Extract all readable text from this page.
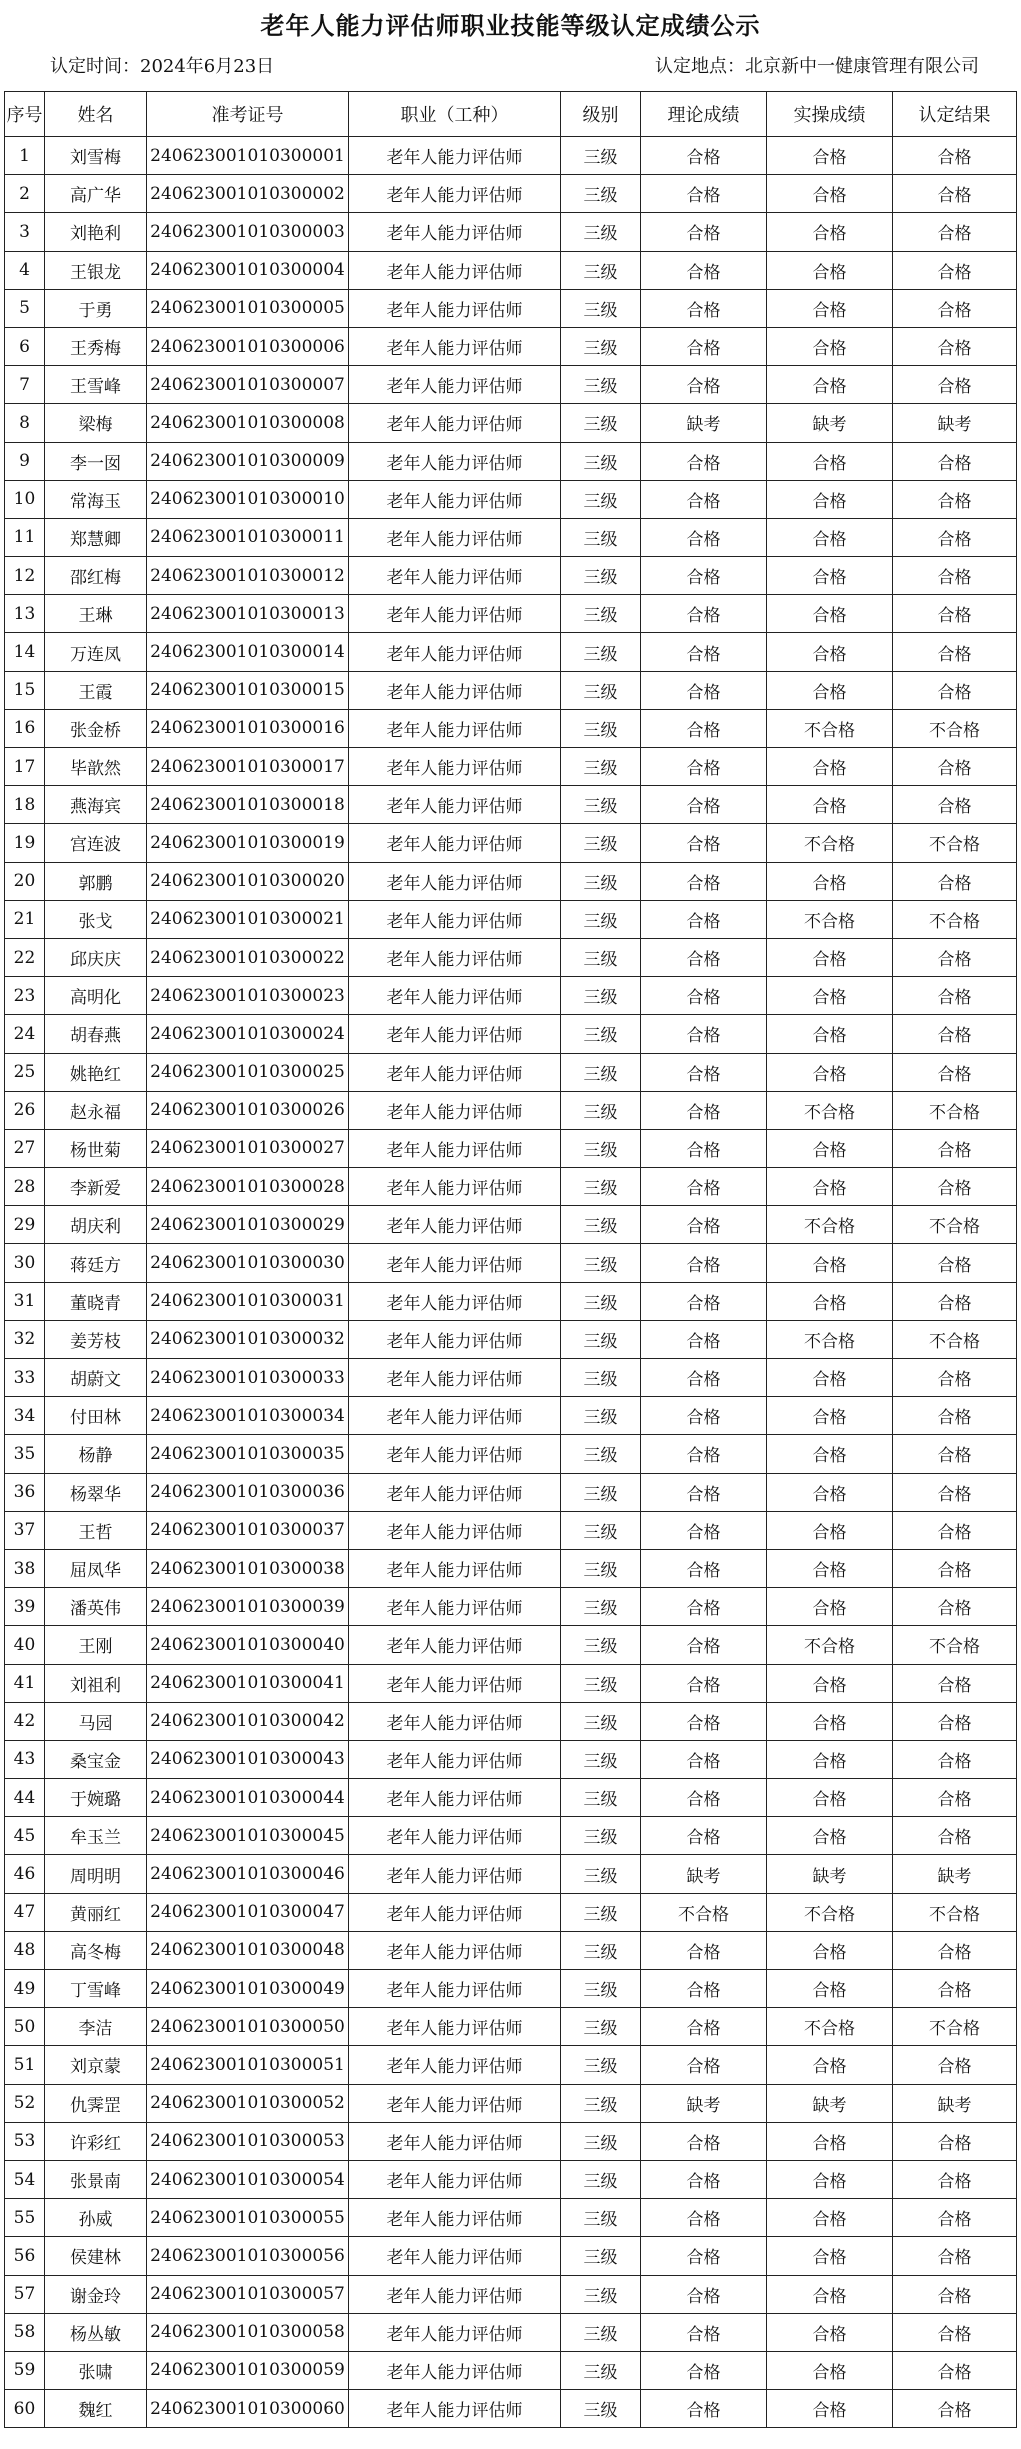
老年人能力评估师职业技能等级认定成绩公示
认定时间：2024年6月23日	认定地点：北京新中一健康管理有限公司
序号	姓名	准考证号	职业（工种）	级别	理论成绩	实操成绩	认定结果
1	刘雪梅	240623001010300001	老年人能力评估师	三级	合格	合格	合格
2	高广华	240623001010300002	老年人能力评估师	三级	合格	合格	合格
3	刘艳利	240623001010300003	老年人能力评估师	三级	合格	合格	合格
4	王银龙	240623001010300004	老年人能力评估师	三级	合格	合格	合格
5	于勇	240623001010300005	老年人能力评估师	三级	合格	合格	合格
6	王秀梅	240623001010300006	老年人能力评估师	三级	合格	合格	合格
7	王雪峰	240623001010300007	老年人能力评估师	三级	合格	合格	合格
8	梁梅	240623001010300008	老年人能力评估师	三级	缺考	缺考	缺考
9	李一囡	240623001010300009	老年人能力评估师	三级	合格	合格	合格
10	常海玉	240623001010300010	老年人能力评估师	三级	合格	合格	合格
11	郑慧卿	240623001010300011	老年人能力评估师	三级	合格	合格	合格
12	邵红梅	240623001010300012	老年人能力评估师	三级	合格	合格	合格
13	王琳	240623001010300013	老年人能力评估师	三级	合格	合格	合格
14	万连凤	240623001010300014	老年人能力评估师	三级	合格	合格	合格
15	王霞	240623001010300015	老年人能力评估师	三级	合格	合格	合格
16	张金桥	240623001010300016	老年人能力评估师	三级	合格	不合格	不合格
17	毕歆然	240623001010300017	老年人能力评估师	三级	合格	合格	合格
18	燕海宾	240623001010300018	老年人能力评估师	三级	合格	合格	合格
19	宫连波	240623001010300019	老年人能力评估师	三级	合格	不合格	不合格
20	郭鹏	240623001010300020	老年人能力评估师	三级	合格	合格	合格
21	张戈	240623001010300021	老年人能力评估师	三级	合格	不合格	不合格
22	邱庆庆	240623001010300022	老年人能力评估师	三级	合格	合格	合格
23	高明化	240623001010300023	老年人能力评估师	三级	合格	合格	合格
24	胡春燕	240623001010300024	老年人能力评估师	三级	合格	合格	合格
25	姚艳红	240623001010300025	老年人能力评估师	三级	合格	合格	合格
26	赵永福	240623001010300026	老年人能力评估师	三级	合格	不合格	不合格
27	杨世菊	240623001010300027	老年人能力评估师	三级	合格	合格	合格
28	李新爱	240623001010300028	老年人能力评估师	三级	合格	合格	合格
29	胡庆利	240623001010300029	老年人能力评估师	三级	合格	不合格	不合格
30	蒋廷方	240623001010300030	老年人能力评估师	三级	合格	合格	合格
31	董晓青	240623001010300031	老年人能力评估师	三级	合格	合格	合格
32	姜芳枝	240623001010300032	老年人能力评估师	三级	合格	不合格	不合格
33	胡蔚文	240623001010300033	老年人能力评估师	三级	合格	合格	合格
34	付田林	240623001010300034	老年人能力评估师	三级	合格	合格	合格
35	杨静	240623001010300035	老年人能力评估师	三级	合格	合格	合格
36	杨翠华	240623001010300036	老年人能力评估师	三级	合格	合格	合格
37	王哲	240623001010300037	老年人能力评估师	三级	合格	合格	合格
38	屈凤华	240623001010300038	老年人能力评估师	三级	合格	合格	合格
39	潘英伟	240623001010300039	老年人能力评估师	三级	合格	合格	合格
40	王刚	240623001010300040	老年人能力评估师	三级	合格	不合格	不合格
41	刘祖利	240623001010300041	老年人能力评估师	三级	合格	合格	合格
42	马园	240623001010300042	老年人能力评估师	三级	合格	合格	合格
43	桑宝金	240623001010300043	老年人能力评估师	三级	合格	合格	合格
44	于婉璐	240623001010300044	老年人能力评估师	三级	合格	合格	合格
45	牟玉兰	240623001010300045	老年人能力评估师	三级	合格	合格	合格
46	周明明	240623001010300046	老年人能力评估师	三级	缺考	缺考	缺考
47	黄丽红	240623001010300047	老年人能力评估师	三级	不合格	不合格	不合格
48	高冬梅	240623001010300048	老年人能力评估师	三级	合格	合格	合格
49	丁雪峰	240623001010300049	老年人能力评估师	三级	合格	合格	合格
50	李洁	240623001010300050	老年人能力评估师	三级	合格	不合格	不合格
51	刘京蒙	240623001010300051	老年人能力评估师	三级	合格	合格	合格
52	仇霁罡	240623001010300052	老年人能力评估师	三级	缺考	缺考	缺考
53	许彩红	240623001010300053	老年人能力评估师	三级	合格	合格	合格
54	张景南	240623001010300054	老年人能力评估师	三级	合格	合格	合格
55	孙威	240623001010300055	老年人能力评估师	三级	合格	合格	合格
56	侯建林	240623001010300056	老年人能力评估师	三级	合格	合格	合格
57	谢金玲	240623001010300057	老年人能力评估师	三级	合格	合格	合格
58	杨丛敏	240623001010300058	老年人能力评估师	三级	合格	合格	合格
59	张啸	240623001010300059	老年人能力评估师	三级	合格	合格	合格
60	魏红	240623001010300060	老年人能力评估师	三级	合格	合格	合格
